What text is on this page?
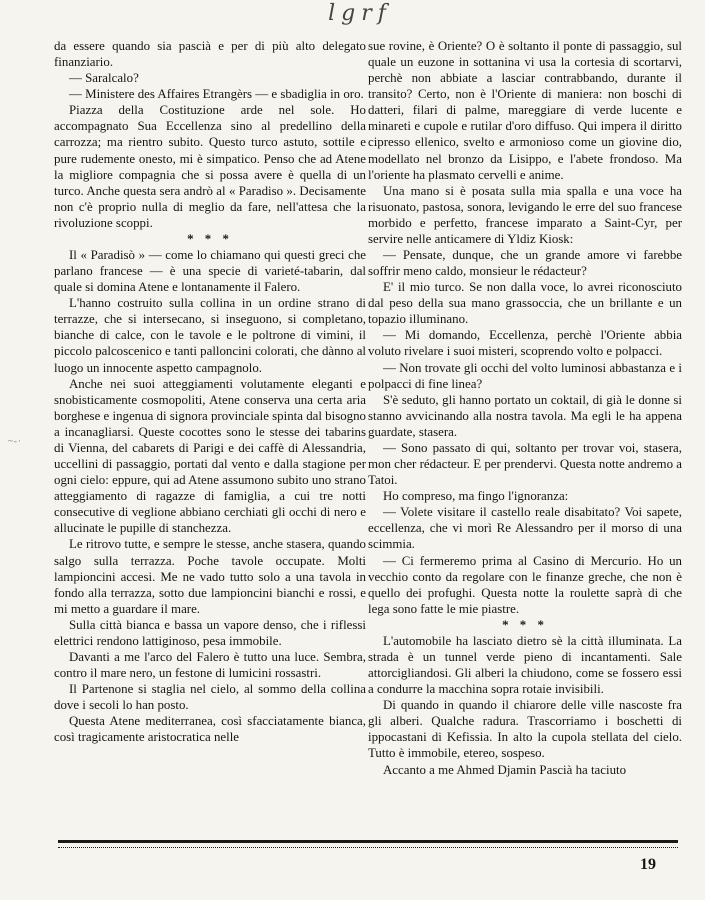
lgrf
~-·

da essere quando sia pascià e per di più alto delegato finanziario.

— Saralcalo?

— Ministere des Affaires Etrangèrs — e sbadiglia in oro.

Piazza della Costituzione arde nel sole. Ho accompagnato Sua Eccellenza sino al predellino della carrozza; ma rientro subito. Questo turco astuto, sottile e pure rudemente onesto, mi è simpatico. Penso che ad Atene la migliore compagnia che si possa avere è quella di un turco. Anche questa sera andrò al « Paradiso ». Decisamente non c'è proprio nulla di meglio da fare, nell'attesa che la rivoluzione scoppi.

* * *

Il « Paradisò » — come lo chiamano qui questi greci che parlano francese — è una specie di varieté-tabarin, dal quale si domina Atene e lontanamente il Falero.

L'hanno costruito sulla collina in un ordine strano di terrazze, che si intersecano, si inseguono, si completano, bianche di calce, con le tavole e le poltrone di vimini, il piccolo palcoscenico e tanti palloncini colorati, che dànno al luogo un innocente aspetto campagnolo.

Anche nei suoi atteggiamenti volutamente eleganti e snobisticamente cosmopoliti, Atene conserva una certa aria borghese e ingenua di signora provinciale spinta dal bisogno a incanagliarsi. Queste cocottes sono le stesse dei tabarins di Vienna, del cabarets di Parigi e dei caffè di Alessandria, uccellini di passaggio, portati dal vento e dalla stagione per ogni cielo: eppure, qui ad Atene assumono subito uno strano atteggiamento di ragazze di famiglia, a cui tre notti consecutive di veglione abbiano cerchiati gli occhi di nero e allucinate le pupille di stanchezza.

Le ritrovo tutte, e sempre le stesse, anche stasera, quando salgo sulla terrazza. Poche tavole occupate. Molti lampioncini accesi. Me ne vado tutto solo a una tavola in fondo alla terrazza, sotto due lampioncini bianchi e rossi, e mi metto a guardare il mare.

Sulla città bianca e bassa un vapore denso, che i riflessi elettrici rendono lattiginoso, pesa immobile.

Davanti a me l'arco del Falero è tutto una luce. Sembra, contro il mare nero, un festone di lumicini rossastri.

Il Partenone si staglia nel cielo, al sommo della collina dove i secoli lo han posto.

Questa Atene mediterranea, così sfacciatamente bianca, così tragicamente aristocratica nelle

sue rovine, è Oriente? O è soltanto il ponte di passaggio, sul quale un euzone in sottanina vi usa la cortesia di scortarvi, perchè non abbiate a lasciar contrabbando, durante il transito? Certo, non è l'Oriente di maniera: non boschi di datteri, filari di palme, mareggiare di verde lucente e minareti e cupole e rutilar d'oro diffuso. Qui impera il diritto cipresso ellenico, svelto e armonioso come un giovine dio, modellato nel bronzo da Lisippo, e l'abete frondoso. Ma l'oriente ha plasmato cervelli e anime.

Una mano si è posata sulla mia spalla e una voce ha risuonato, pastosa, sonora, levigando le erre del suo francese morbido e perfetto, francese imparato a Saint-Cyr, per servire nelle anticamere di Yldiz Kiosk:

— Pensate, dunque, che un grande amore vi farebbe soffrir meno caldo, monsieur le rédacteur?

E' il mio turco. Se non dalla voce, lo avrei riconosciuto dal peso della sua mano grassoccia, che un brillante e un topazio illuminano.

— Mi domando, Eccellenza, perchè l'Oriente abbia voluto rivelare i suoi misteri, scoprendo volto e polpacci.

— Non trovate gli occhi del volto luminosi abbastanza e i polpacci di fine linea?

S'è seduto, gli hanno portato un coktail, di già le donne si stanno avvicinando alla nostra tavola. Ma egli le ha appena guardate, stasera.

— Sono passato di qui, soltanto per trovar voi, stasera, mon cher rédacteur. E per prendervi. Questa notte andremo a Tatoi.

Ho compreso, ma fingo l'ignoranza:

— Volete visitare il castello reale disabitato? Voi sapete, eccellenza, che vi morì Re Alessandro per il morso di una scimmia.

— Ci fermeremo prima al Casino di Mercurio. Ho un vecchio conto da regolare con le finanze greche, che non è quello dei profughi. Questa notte la roulette saprà di che lega sono fatte le mie piastre.

* * *

L'automobile ha lasciato dietro sè la città illuminata. La strada è un tunnel verde pieno di incantamenti. Sale attorcigliandosi. Gli alberi la chiudono, come se fossero essi a condurre la macchina sopra rotaie invisibili.

Di quando in quando il chiarore delle ville nascoste fra gli alberi. Qualche radura. Trascorriamo i boschetti di ippocastani di Kefissia. In alto la cupola stellata del cielo. Tutto è immobile, etereo, sospeso.

Accanto a me Ahmed Djamin Pascià ha taciuto

19
